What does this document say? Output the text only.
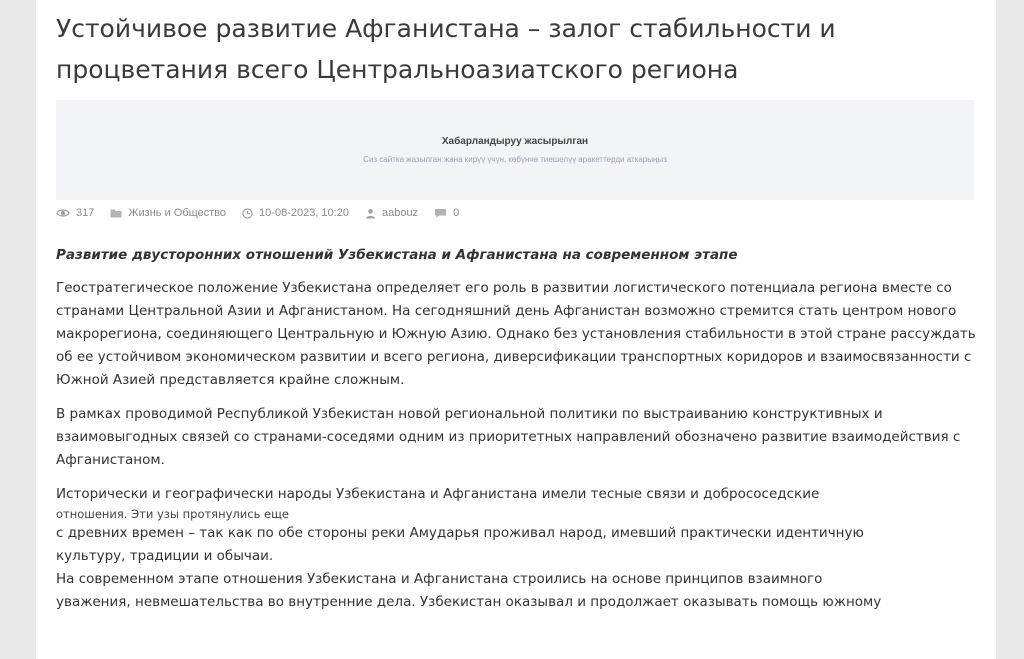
Устойчивое развитие Афганистана – залог стабильности и процветания всего Центральноазиатского региона
Хабарландыруу жасырылган
Сиз сайтка жазылган жана кирүү үчүн, көбүнчө тиешелүү аракеттерди аткарыңыз
317	Жизнь и Общество	10-08-2023, 10:20	aabouz	0

Развитие двусторонних отношений Узбекистана и Афганистана на современном этапе

Геостратегическое положение Узбекистана определяет его роль в развитии логистического потенциала региона вместе со странами Центральной Азии и Афганистаном. На сегодняшний день Афганистан возможно стремится стать центром нового макрорегиона, соединяющего Центральную и Южную Азию. Однако без установления стабильности в этой стране рассуждать об ее устойчивом экономическом развитии и всего региона, диверсификации транспортных коридоров и взаимосвязанности с Южной Азией представляется крайне сложным.

В рамках проводимой Республикой Узбекистан новой региональной политики по выстраиванию конструктивных и взаимовыгодных связей со странами-соседями одним из приоритетных направлений обозначено развитие взаимодействия с Афганистаном.

Исторически и географически народы Узбекистана и Афганистана имели тесные связи и добрососедские
отношения. Эти узы протянулись еще
с древних времен – так как по обе стороны реки Амударья проживал народ, имевший практически идентичную
культуру, традиции и обычаи.
На современном этапе отношения Узбекистана и Афганистана строились на основе принципов взаимного
уважения, невмешательства во внутренние дела. Узбекистан оказывал и продолжает оказывать помощь южному
